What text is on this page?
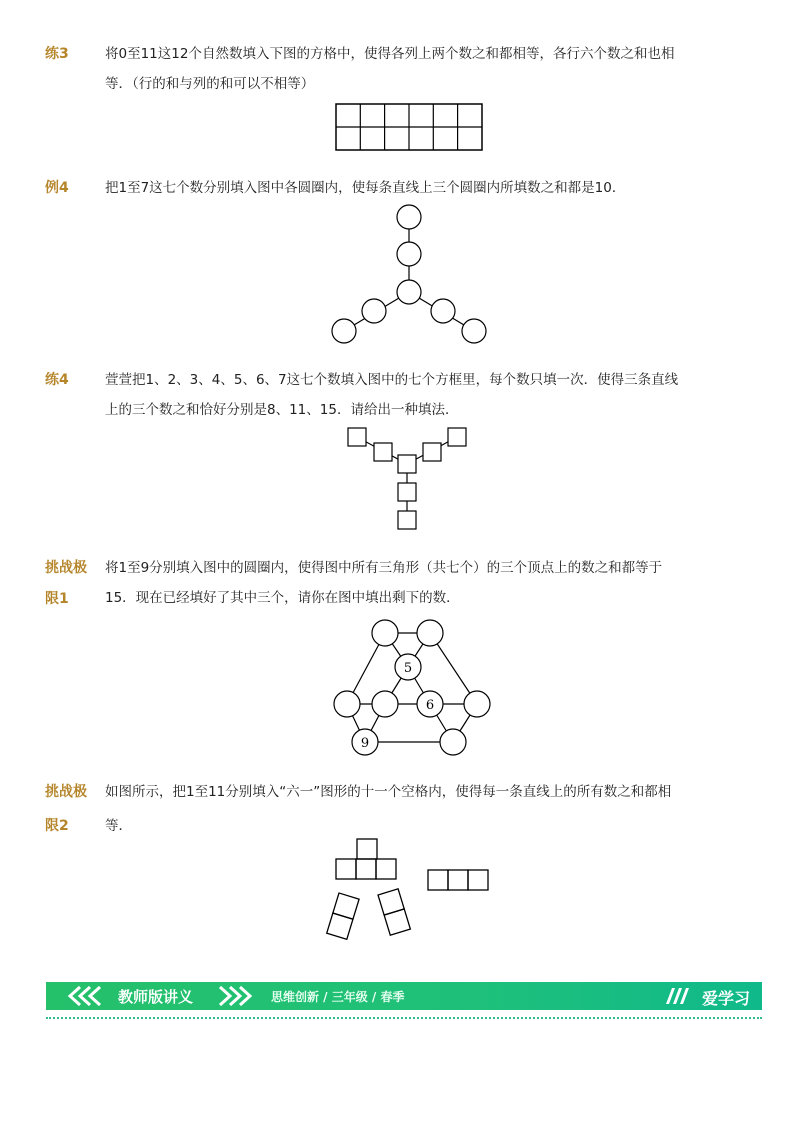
练3	将0至11这12个自然数填入下图的方格中，使得各列上两个数之和都相等，各行六个数之和也相
等．（行的和与列的和可以不相等）
例4	把1至7这七个数分别填入图中各圆圈内，使每条直线上三个圆圈内所填数之和都是10．
练4	萱萱把1、2、3、4、5、6、7这七个数填入图中的七个方框里，每个数只填一次．使得三条直线
上的三个数之和恰好分别是8、11、15．请给出一种填法．
挑战极
限1
将1至9分别填入图中的圆圈内，使得图中所有三角形（共七个）的三个顶点上的数之和都等于
15．现在已经填好了其中三个，请你在图中填出剩下的数．
5
6
9
挑战极
限2
如图所示，把1至11分别填入“六一”图形的十一个空格内，使得每一条直线上的所有数之和都相
等．
教师版讲义	思维创新 / 三年级 / 春季	爱学习
